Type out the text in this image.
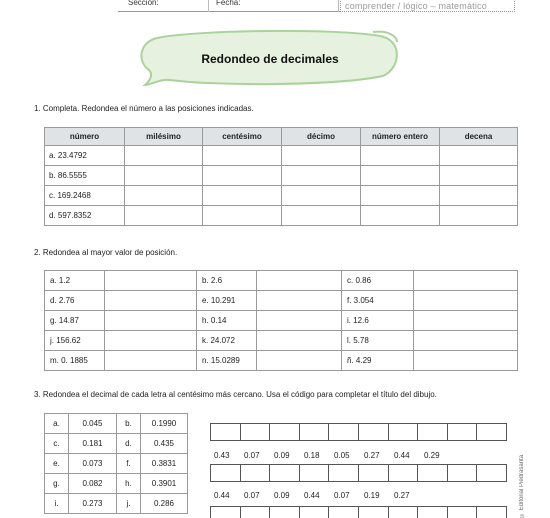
Sección:	Fecha:	comprender / lógico – matemático
Redondeo de decimales
1. Completa. Redondea el número a las posiciones indicadas.
número	milésimo	centésimo	décimo	número entero	decena
a. 23.4792					
b. 86.5555					
c. 169.2468					
d. 597.8352					
2. Redondea al mayor valor de posición.
a. 1.2		b. 2.6		c. 0.86	
d. 2.76		e. 10.291		f. 3.054	
g. 14.87		h. 0.14		i. 12.6	
j. 156.62		k. 24.072		l. 5.78	
m. 0. 1885		n. 15.0289		ñ. 4.29	
3. Redondea el decimal de cada letra al centésimo más cercano. Usa el código para completar el título del dibujo.
a.	0.045	b.	0.1990
c.	0.181	d.	0.435
e.	0.073	f.	0.3831
g.	0.082	h.	0.3901
i.	0.273	j.	0.286
0.43	0.07	0.09	0.18	0.05	0.27	0.44	0.29
0.44	0.07	0.09	0.44	0.07	0.19	0.27	© Editorial Piedrasanta
